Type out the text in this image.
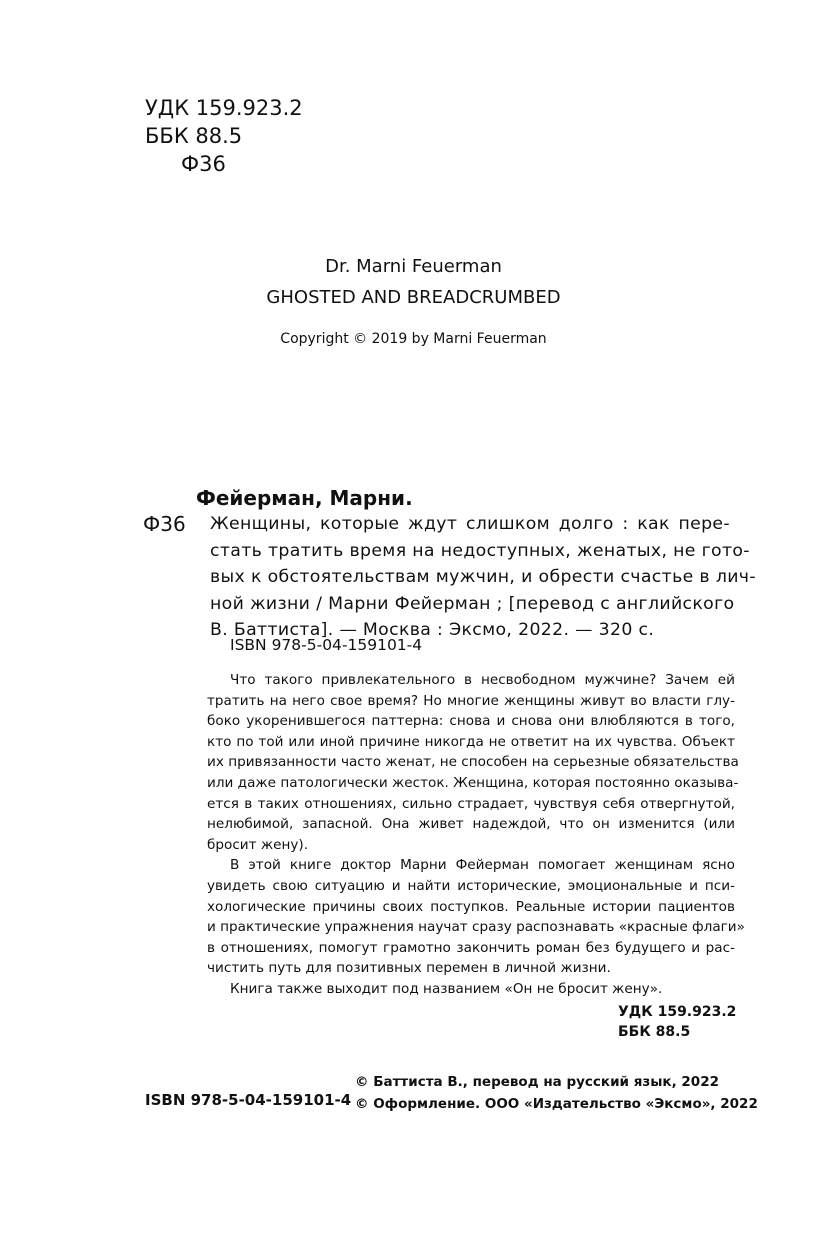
УДК 159.923.2
ББК 88.5
Ф36
Dr. Marni Feuerman
GHOSTED AND BREADCRUMBED
Copyright © 2019 by Marni Feuerman
Фейерман, Марни.
Ф36 Женщины, которые ждут слишком долго : как пере-
стать тратить время на недоступных, женатых, не гото-
вых к обстоятельствам мужчин, и обрести счастье в лич-
ной жизни / Марни Фейерман ; [перевод с английского
В. Баттиста]. — Москва : Эксмо, 2022. — 320 с.
ISBN 978-5-04-159101-4
Что такого привлекательного в несвободном мужчине? Зачем ей
тратить на него свое время? Но многие женщины живут во власти глу-
боко укоренившегося паттерна: снова и снова они влюбляются в того,
кто по той или иной причине никогда не ответит на их чувства. Объект
их привязанности часто женат, не способен на серьезные обязательства
или даже патологически жесток. Женщина, которая постоянно оказыва-
ется в таких отношениях, сильно страдает, чувствуя себя отвергнутой,
нелюбимой, запасной. Она живет надеждой, что он изменится (или
бросит жену).
В этой книге доктор Марни Фейерман помогает женщинам ясно
увидеть свою ситуацию и найти исторические, эмоциональные и пси-
хологические причины своих поступков. Реальные истории пациентов
и практические упражнения научат сразу распознавать «красные флаги»
в отношениях, помогут грамотно закончить роман без будущего и рас-
чистить путь для позитивных перемен в личной жизни.
Книга также выходит под названием «Он не бросит жену».
УДК 159.923.2
ББК 88.5
© Баттиста В., перевод на русский язык, 2022
© Оформление. ООО «Издательство «Эксмо», 2022
ISBN 978-5-04-159101-4
